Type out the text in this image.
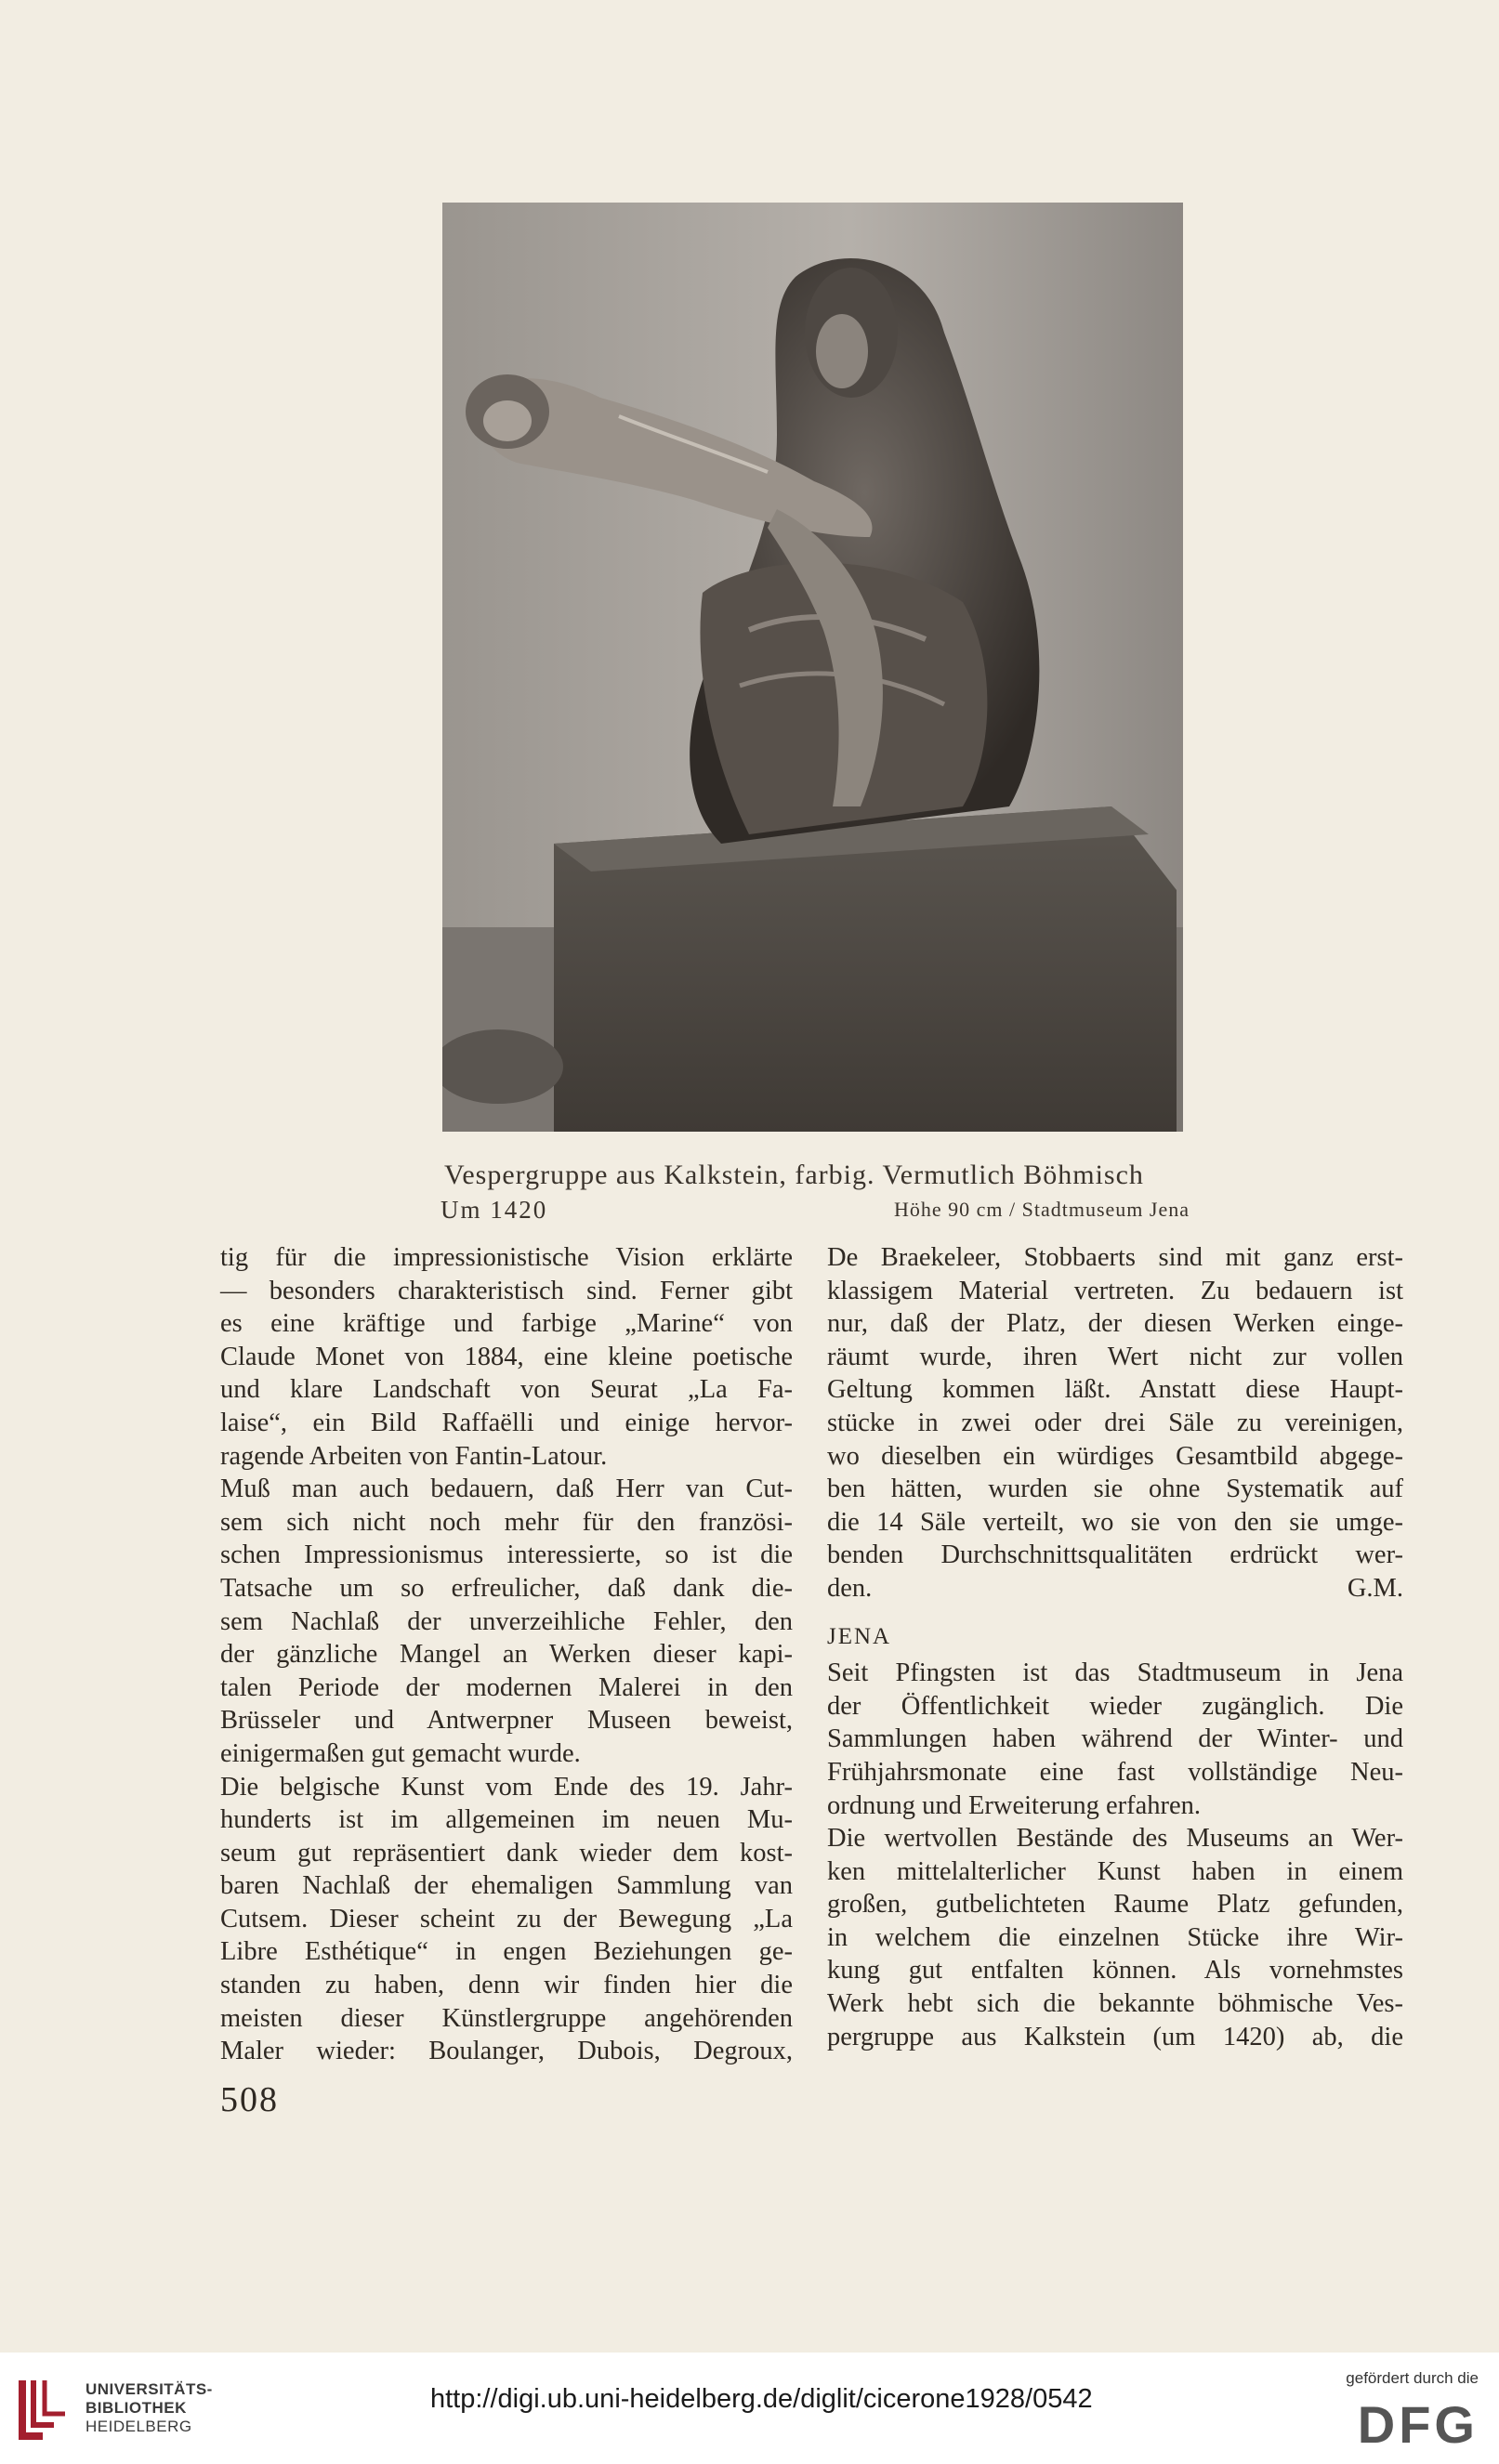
Vespergruppe aus Kalkstein, farbig. Vermutlich Böhmisch
Um 1420	Höhe 90 cm / Stadtmuseum Jena
tig für die impressionistische Vision erklärte
— besonders charakteristisch sind. Ferner gibt
es eine kräftige und farbige „Marine“ von
Claude Monet von 1884, eine kleine poetische
und klare Landschaft von Seurat „La Fa-
laise“, ein Bild Raffaëlli und einige hervor-
ragende Arbeiten von Fantin-Latour.
Muß man auch bedauern, daß Herr van Cut-
sem sich nicht noch mehr für den französi-
schen Impressionismus interessierte, so ist die
Tatsache um so erfreulicher, daß dank die-
sem Nachlaß der unverzeihliche Fehler, den
der gänzliche Mangel an Werken dieser kapi-
talen Periode der modernen Malerei in den
Brüsseler und Antwerpner Museen beweist,
einigermaßen gut gemacht wurde.
Die belgische Kunst vom Ende des 19. Jahr-
hunderts ist im allgemeinen im neuen Mu-
seum gut repräsentiert dank wieder dem kost-
baren Nachlaß der ehemaligen Sammlung van
Cutsem. Dieser scheint zu der Bewegung „La
Libre Esthétique“ in engen Beziehungen ge-
standen zu haben, denn wir finden hier die
meisten dieser Künstlergruppe angehörenden
Maler wieder: Boulanger, Dubois, Degroux,
De Braekeleer, Stobbaerts sind mit ganz erst-
klassigem Material vertreten. Zu bedauern ist
nur, daß der Platz, der diesen Werken einge-
räumt wurde, ihren Wert nicht zur vollen
Geltung kommen läßt. Anstatt diese Haupt-
stücke in zwei oder drei Säle zu vereinigen,
wo dieselben ein würdiges Gesamtbild abgege-
ben hätten, wurden sie ohne Systematik auf
die 14 Säle verteilt, wo sie von den sie umge-
benden Durchschnittsqualitäten erdrückt wer-
den.	G.M.
JENA
Seit Pfingsten ist das Stadtmuseum in Jena
der Öffentlichkeit wieder zugänglich. Die
Sammlungen haben während der Winter- und
Frühjahrsmonate eine fast vollständige Neu-
ordnung und Erweiterung erfahren.
Die wertvollen Bestände des Museums an Wer-
ken mittelalterlicher Kunst haben in einem
großen, gutbelichteten Raume Platz gefunden,
in welchem die einzelnen Stücke ihre Wir-
kung gut entfalten können. Als vornehmstes
Werk hebt sich die bekannte böhmische Ves-
pergruppe aus Kalkstein (um 1420) ab, die
508
UNIVERSITÄTS-
BIBLIOTHEK
HEIDELBERG
http://digi.ub.uni-heidelberg.de/diglit/cicerone1928/0542
gefördert durch die
DFG
